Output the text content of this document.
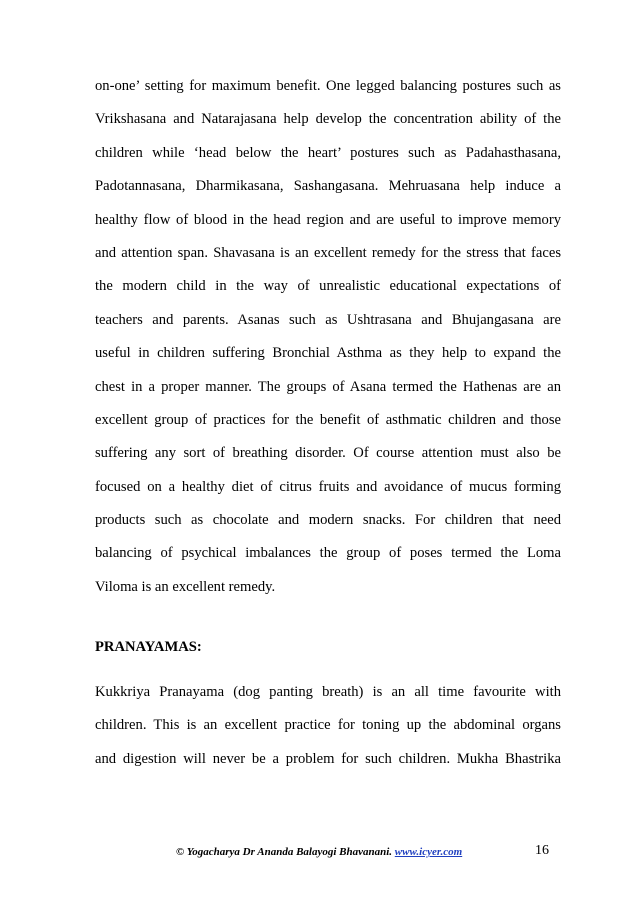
on-one’ setting for maximum benefit. One legged balancing postures such as
Vrikshasana and Natarajasana help develop the concentration ability of the
children while ‘head below the heart’ postures such as Padahasthasana,
Padotannasana, Dharmikasana, Sashangasana. Mehruasana help induce a
healthy flow of blood in the head region and are useful to improve memory
and attention span. Shavasana is an excellent remedy for the stress that faces
the modern child in the way of unrealistic educational expectations of
teachers and parents. Asanas such as Ushtrasana and Bhujangasana are
useful in children suffering Bronchial Asthma as they help to expand the
chest in a proper manner. The groups of Asana termed the Hathenas are an
excellent group of practices for the benefit of asthmatic children and those
suffering any sort of breathing disorder. Of course attention must also be
focused on a healthy diet of citrus fruits and avoidance of mucus forming
products such as chocolate and modern snacks. For children that need
balancing of psychical imbalances the group of poses termed the Loma
Viloma is an excellent remedy.
PRANAYAMAS:
Kukkriya Pranayama (dog panting breath) is an all time favourite with
children. This is an excellent practice for toning up the abdominal organs
and digestion will never be a problem for such children. Mukha Bhastrika
© Yogacharya Dr Ananda Balayogi Bhavanani. www.icyer.com	16
